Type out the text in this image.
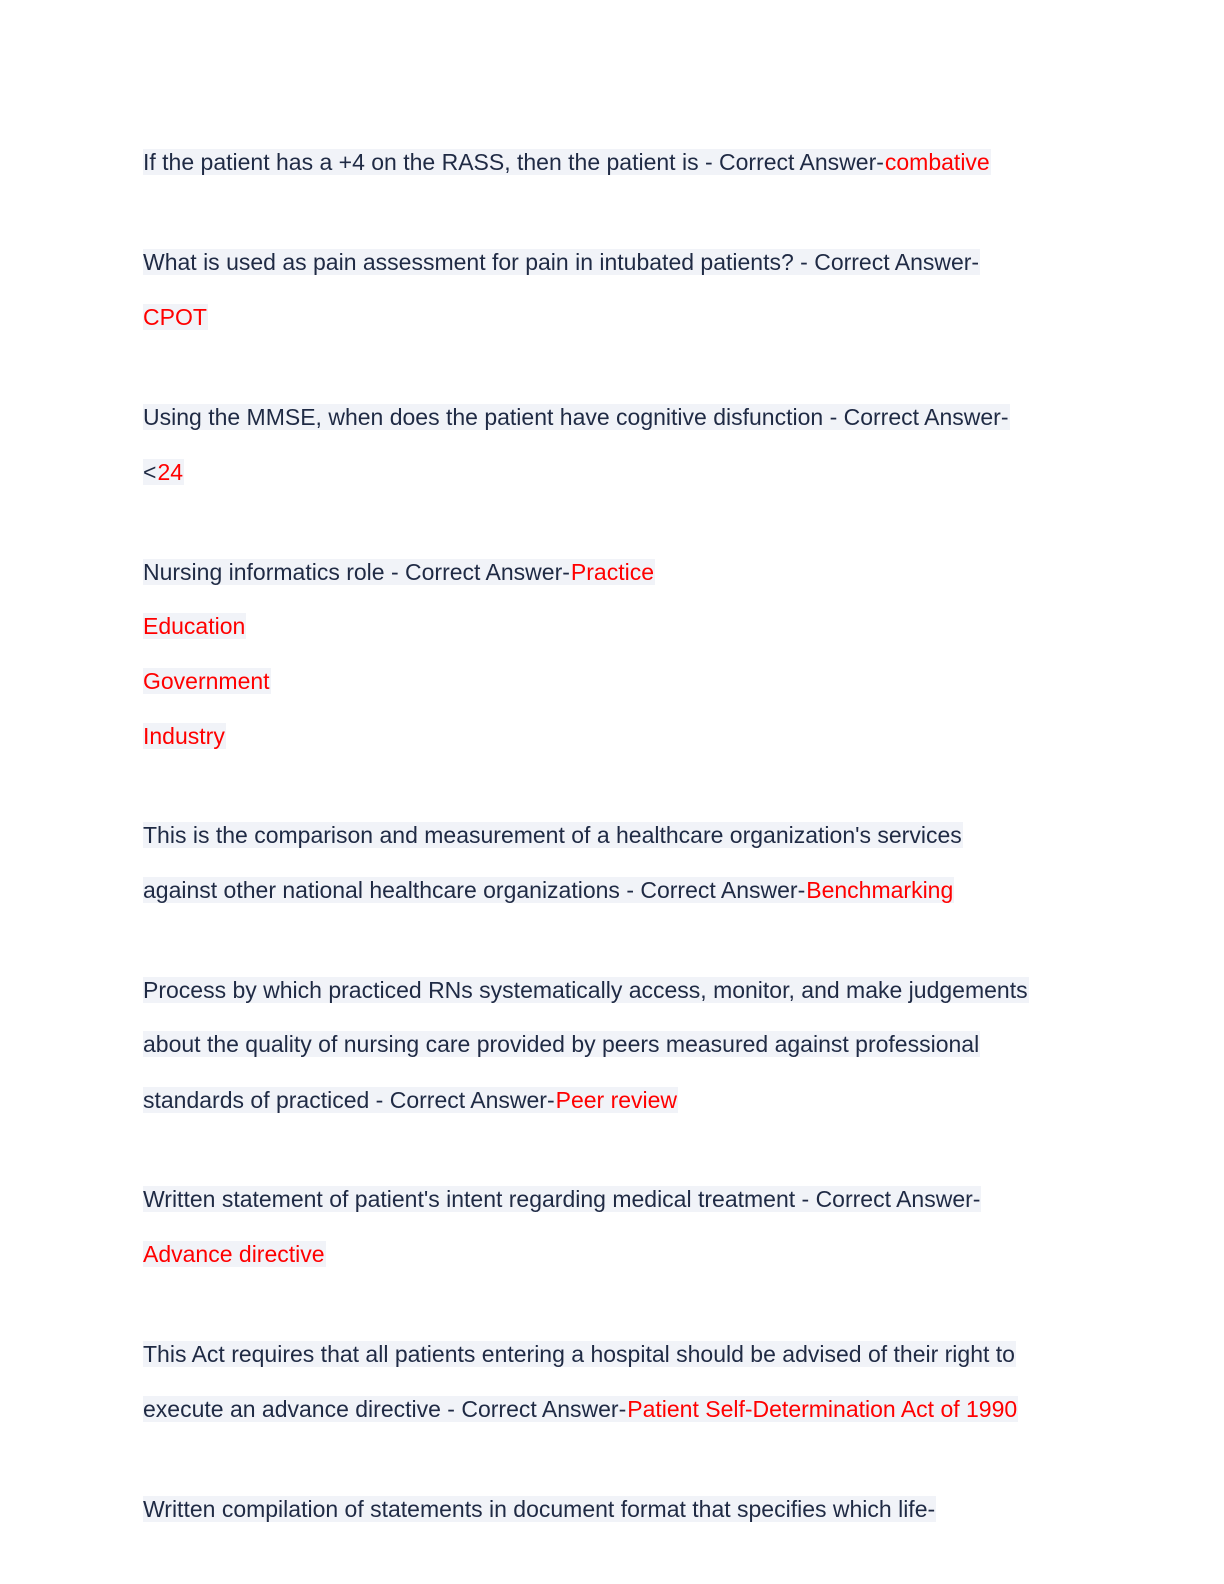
If the patient has a +4 on the RASS, then the patient is - Correct Answer-combative
What is used as pain assessment for pain in intubated patients? - Correct Answer-
CPOT
Using the MMSE, when does the patient have cognitive disfunction - Correct Answer-
<24
Nursing informatics role - Correct Answer-Practice
Education
Government
Industry
This is the comparison and measurement of a healthcare organization's services
against other national healthcare organizations - Correct Answer-Benchmarking
Process by which practiced RNs systematically access, monitor, and make judgements
about the quality of nursing care provided by peers measured against professional
standards of practiced - Correct Answer-Peer review
Written statement of patient's intent regarding medical treatment - Correct Answer-
Advance directive
This Act requires that all patients entering a hospital should be advised of their right to
execute an advance directive - Correct Answer-Patient Self-Determination Act of 1990
Written compilation of statements in document format that specifies which life-
